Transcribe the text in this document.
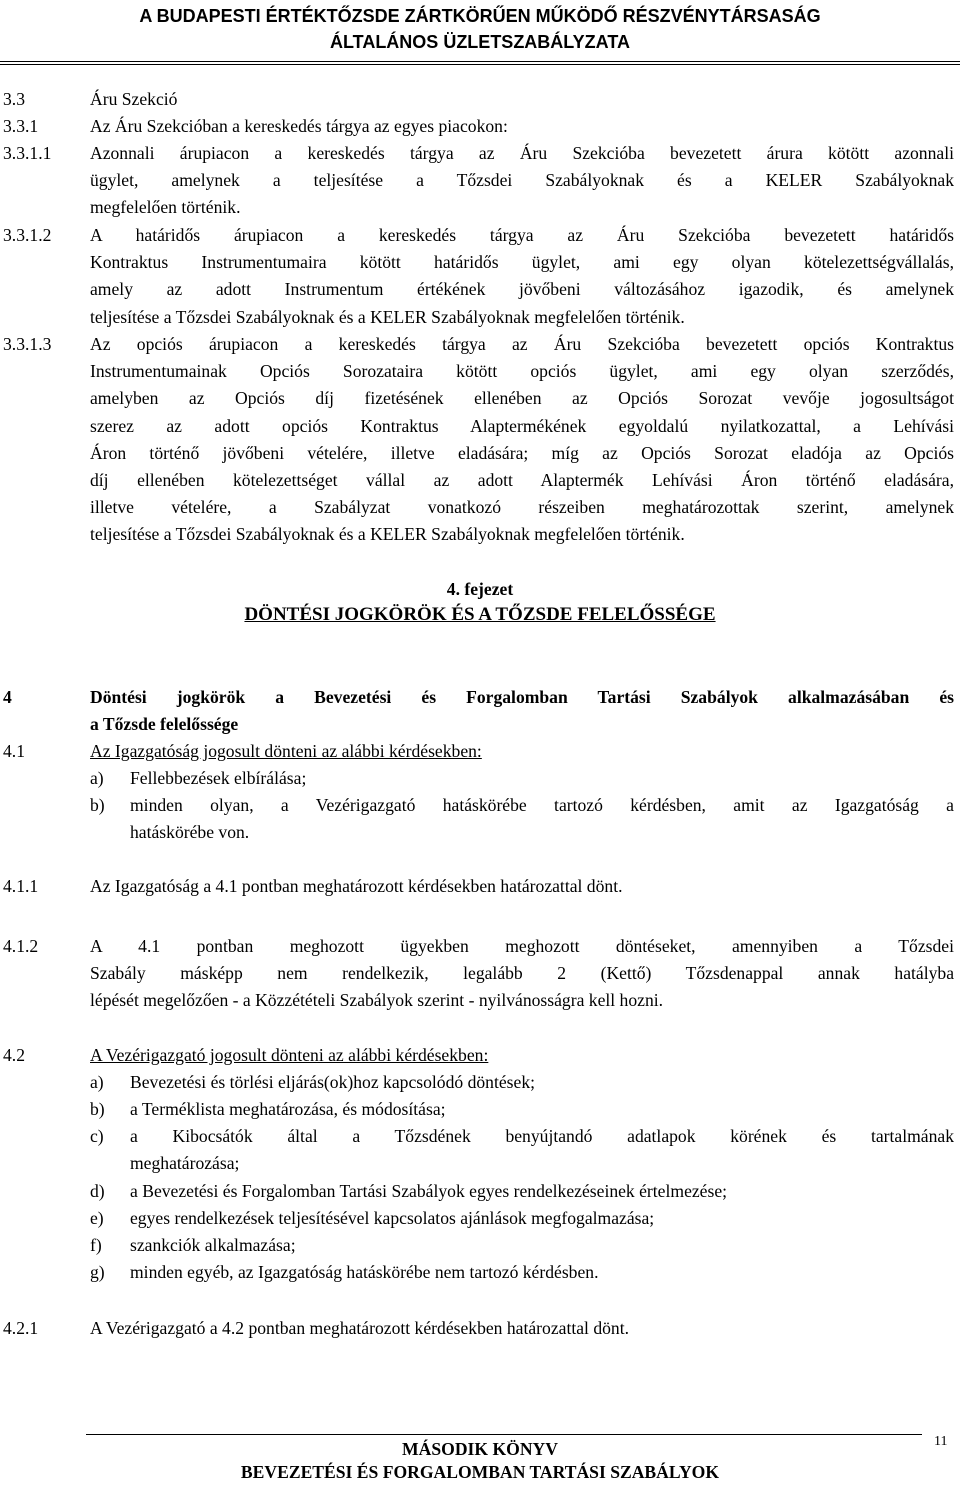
A BUDAPESTI ÉRTÉKTŐZSDE ZÁRTKÖRŰEN MŰKÖDŐ RÉSZVÉNYTÁRSASÁG
ÁLTALÁNOS ÜZLETSZABÁLYZATA
3.3	Áru Szekció
3.3.1	Az Áru Szekcióban a kereskedés tárgya az egyes piacokon:
3.3.1.1 Azonnali árupiacon a kereskedés tárgya az Áru Szekcióba bevezetett árura kötött azonnali
ügylet, amelynek a teljesítése a Tőzsdei Szabályoknak és a KELER Szabályoknak
megfelelően történik.
3.3.1.2 A határidős árupiacon a kereskedés tárgya az Áru Szekcióba bevezetett határidős
Kontraktus Instrumentumaira kötött határidős ügylet, ami egy olyan kötelezettségvállalás,
amely az adott Instrumentum értékének jövőbeni változásához igazodik, és amelynek
teljesítése a Tőzsdei Szabályoknak és a KELER Szabályoknak megfelelően történik.
3.3.1.3 Az opciós árupiacon a kereskedés tárgya az Áru Szekcióba bevezetett opciós Kontraktus
Instrumentumainak Opciós Sorozataira kötött opciós ügylet, ami egy olyan szerződés,
amelyben az Opciós díj fizetésének ellenében az Opciós Sorozat vevője jogosultságot
szerez az adott opciós Kontraktus Alaptermékének egyoldalú nyilatkozattal, a Lehívási
Áron történő jövőbeni vételére, illetve eladására; míg az Opciós Sorozat eladója az Opciós
díj ellenében kötelezettséget vállal az adott Alaptermék Lehívási Áron történő eladására,
illetve vételére, a Szabályzat vonatkozó részeiben meghatározottak szerint, amelynek
teljesítése a Tőzsdei Szabályoknak és a KELER Szabályoknak megfelelően történik.
4. fejezet
DÖNTÉSI JOGKÖRÖK ÉS A TŐZSDE FELELŐSSÉGE
4	Döntési jogkörök a Bevezetési és Forgalomban Tartási Szabályok alkalmazásában és
a Tőzsde felelőssége
4.1	Az Igazgatóság jogosult dönteni az alábbi kérdésekben:
a) Fellebbezések elbírálása;
b) minden olyan, a Vezérigazgató hatáskörébe tartozó kérdésben, amit az Igazgatóság a
hatáskörébe von.
4.1.1	Az Igazgatóság a 4.1 pontban meghatározott kérdésekben határozattal dönt.
4.1.2	A 4.1 pontban meghozott ügyekben meghozott döntéseket, amennyiben a Tőzsdei
Szabály másképp nem rendelkezik, legalább 2 (Kettő) Tőzsdenappal annak hatályba
lépését megelőzően - a Közzétételi Szabályok szerint - nyilvánosságra kell hozni.
4.2	A Vezérigazgató jogosult dönteni az alábbi kérdésekben:
a) Bevezetési és törlési eljárás(ok)hoz kapcsolódó döntések;
b) a Terméklista meghatározása, és módosítása;
c) a Kibocsátók által a Tőzsdének benyújtandó adatlapok körének és tartalmának
meghatározása;
d) a Bevezetési és Forgalomban Tartási Szabályok egyes rendelkezéseinek értelmezése;
e) egyes rendelkezések teljesítésével kapcsolatos ajánlások megfogalmazása;
f) szankciók alkalmazása;
g) minden egyéb, az Igazgatóság hatáskörébe nem tartozó kérdésben.
4.2.1	A Vezérigazgató a 4.2 pontban meghatározott kérdésekben határozattal dönt.
11
MÁSODIK KÖNYV
BEVEZETÉSI ÉS FORGALOMBAN TARTÁSI SZABÁLYOK
